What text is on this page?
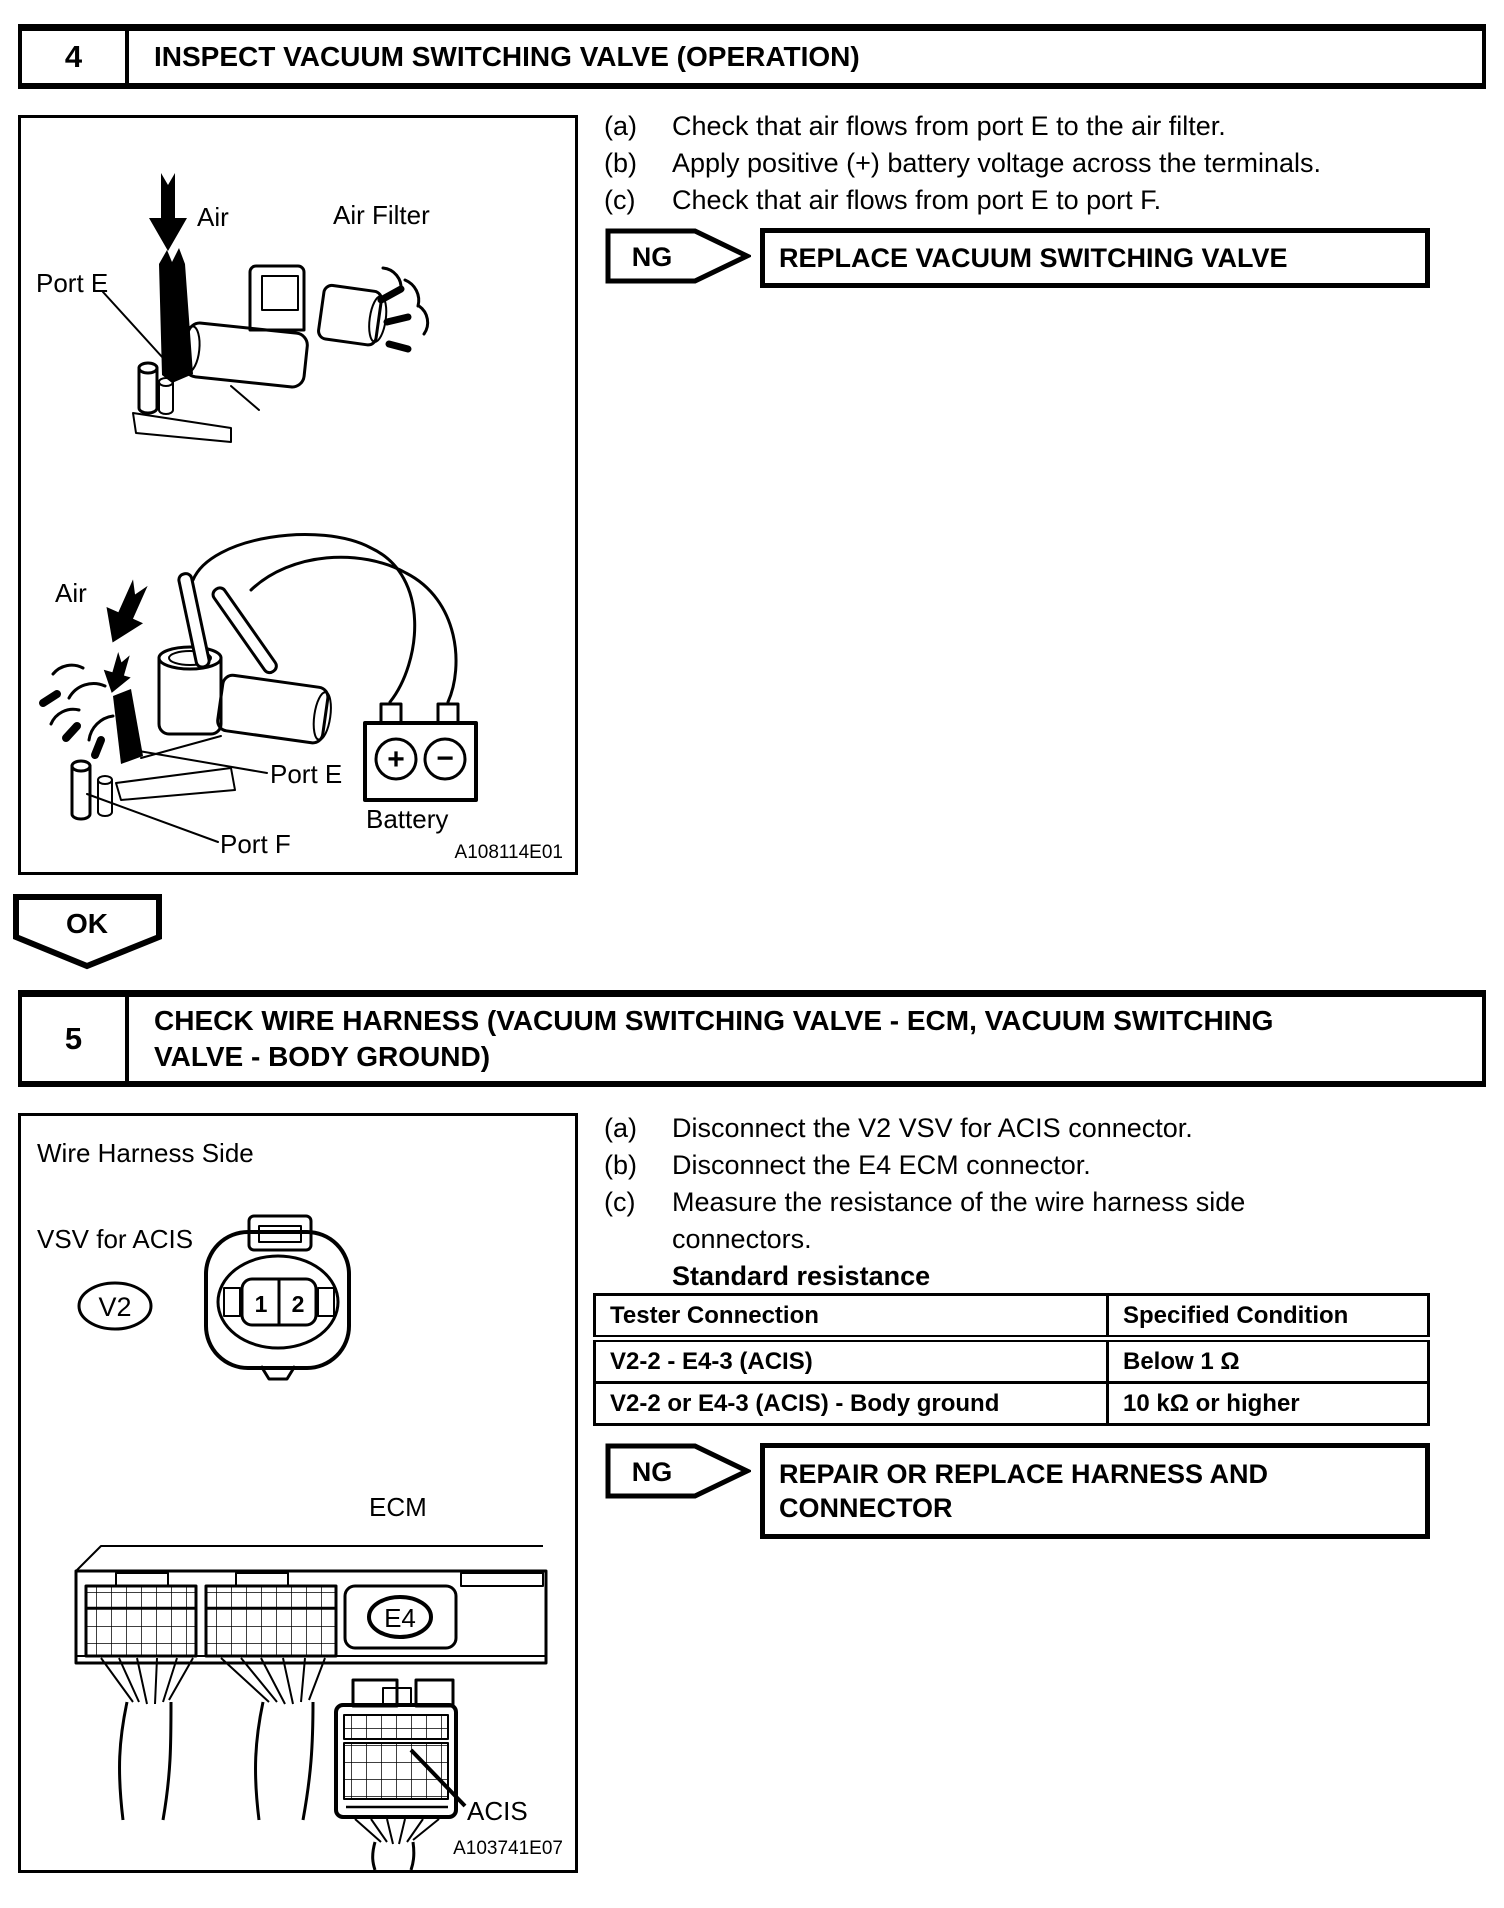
4	INSPECT VACUUM SWITCHING VALVE (OPERATION)
+ −
Air	Air Filter
Port E
Air
Port E
Port F
Battery
A108114E01
(a)	Check that air flows from port E to the air filter.
(b)	Apply positive (+) battery voltage across the terminals.
(c)	Check that air flows from port E to port F.
NG	REPLACE VACUUM SWITCHING VALVE
OK
5
CHECK WIRE HARNESS (VACUUM SWITCHING VALVE - ECM, VACUUM SWITCHING VALVE - BODY GROUND)
V2	1 2
E4
Wire Harness Side
VSV for ACIS
ECM
ACIS
A103741E07
(a)	Disconnect the V2 VSV for ACIS connector.
(b)	Disconnect the E4 ECM connector.
(c)	Measure the resistance of the wire harness side connectors.
Standard resistance
Tester Connection	Specified Condition
V2-2 - E4-3 (ACIS)	Below 1 Ω
V2-2 or E4-3 (ACIS) - Body ground	10 kΩ or higher
NG	REPAIR OR REPLACE HARNESS AND CONNECTOR
